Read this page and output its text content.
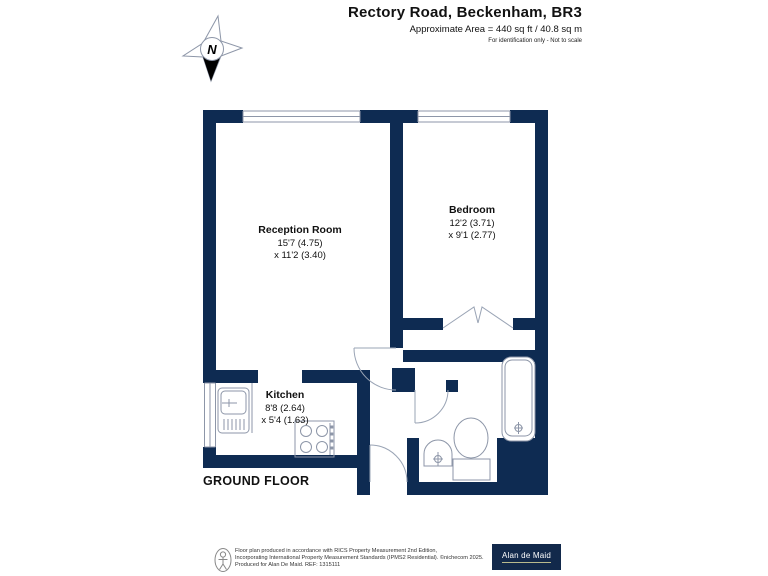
Rectory Road, Beckenham, BR3
Approximate Area = 440 sq ft / 40.8 sq m
For identification only - Not to scale
N
Reception Room
15'7 (4.75)
x 11'2 (3.40)
Bedroom
12'2 (3.71)
x 9'1 (2.77)
Kitchen
8'8 (2.64)
x 5'4 (1.63)
GROUND FLOOR
Floor plan produced in accordance with RICS Property Measurement 2nd Edition,
Incorporating International Property Measurement Standards (IPMS2 Residential). ©nichecom 2025.
Produced for Alan De Maid. REF: 1315111
Alan de Maid
